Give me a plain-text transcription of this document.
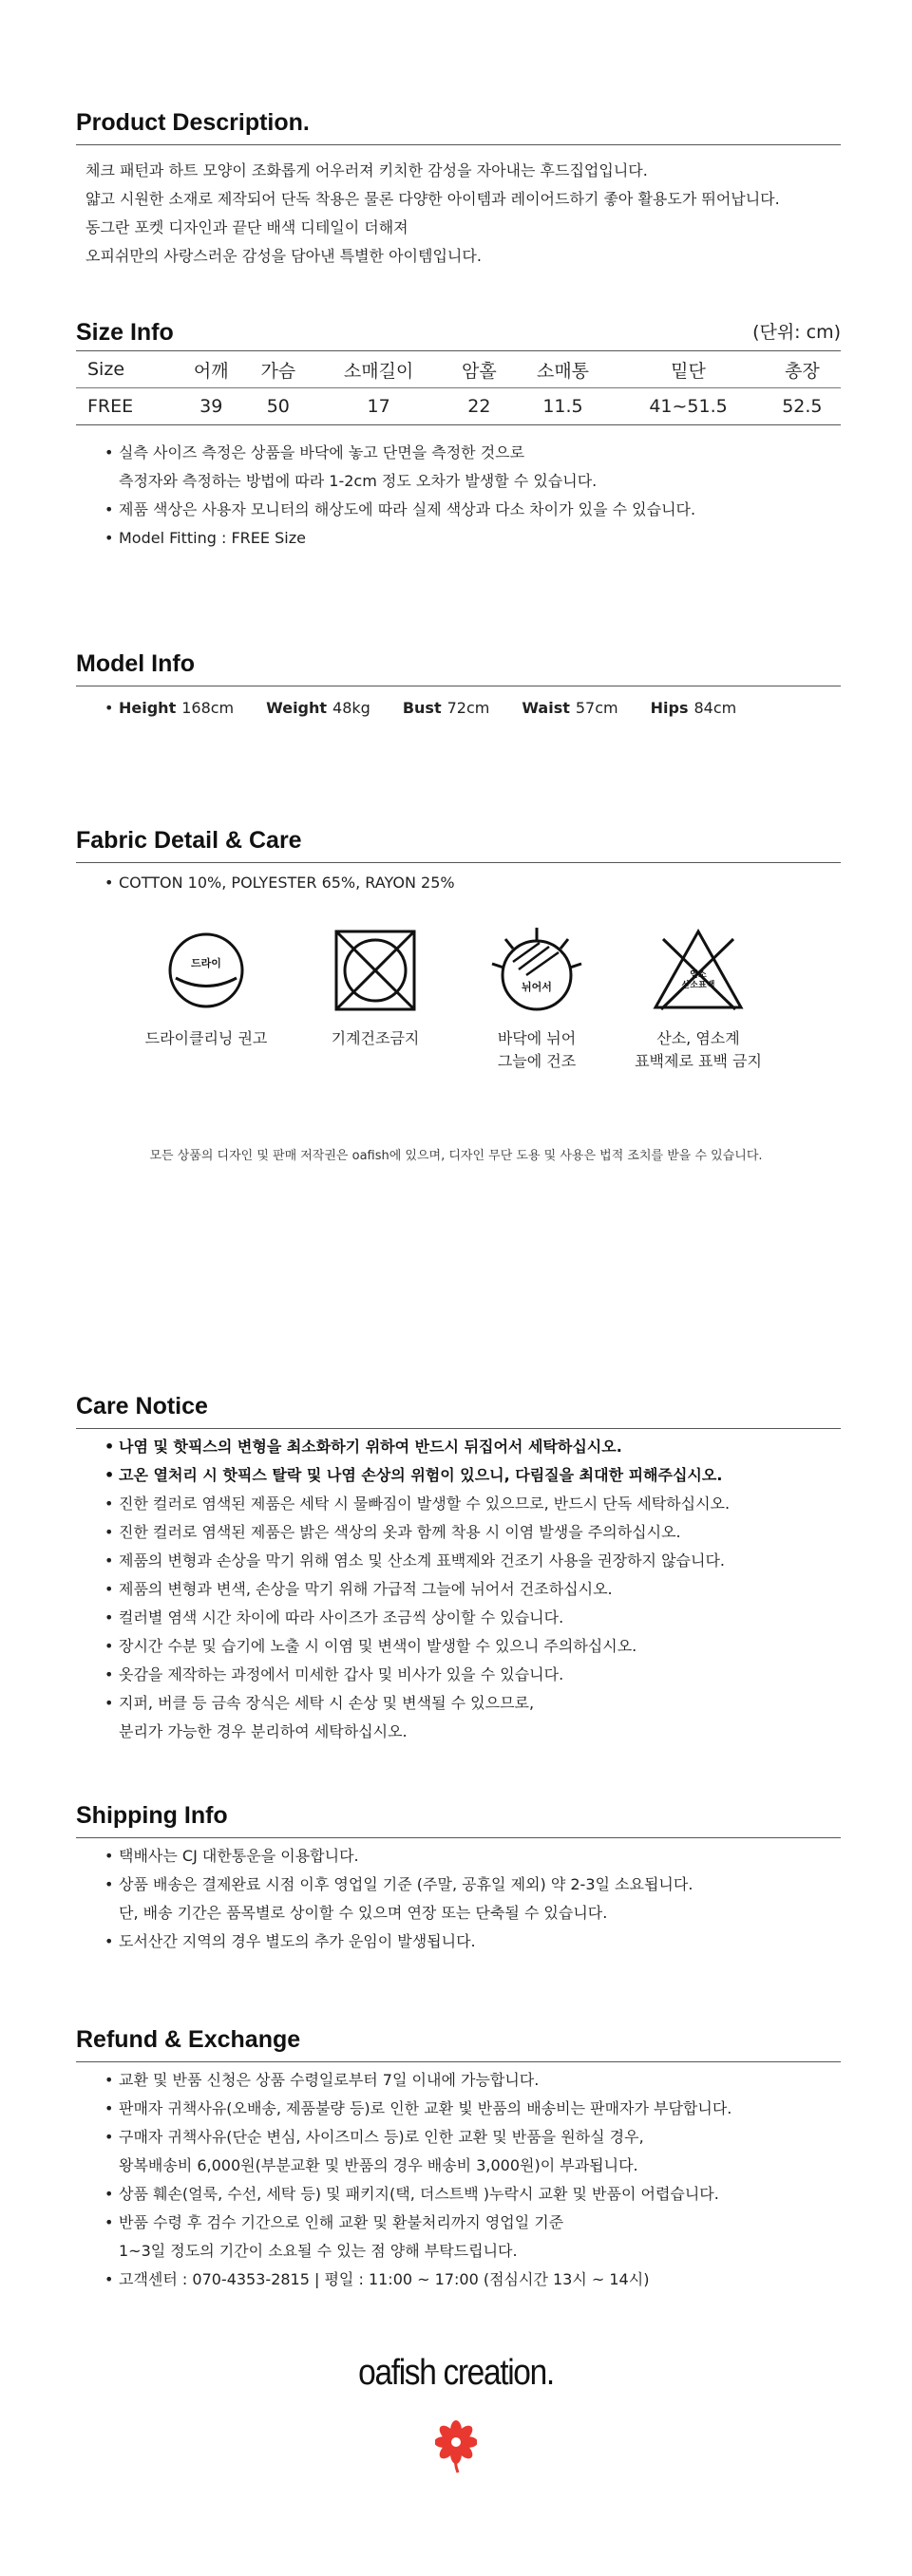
Product Description.
체크 패턴과 하트 모양이 조화롭게 어우러져 키치한 감성을 자아내는 후드집업입니다.
얇고 시원한 소재로 제작되어 단독 착용은 물론 다양한 아이템과 레이어드하기 좋아 활용도가 뛰어납니다.
동그란 포켓 디자인과 끝단 배색 디테일이 더해져
오피쉬만의 사랑스러운 감성을 담아낸 특별한 아이템입니다.
Size Info	(단위: cm)
Size	어깨	가슴	소매길이	암홀	소매통	밑단	총장
FREE	39	50	17	22	11.5	41~51.5	52.5
• 실측 사이즈 측정은 상품을 바닥에 놓고 단면을 측정한 것으로
측정자와 측정하는 방법에 따라 1-2cm 정도 오차가 발생할 수 있습니다.
• 제품 색상은 사용자 모니터의 해상도에 따라 실제 색상과 다소 차이가 있을 수 있습니다.
• Model Fitting : FREE Size
Model Info
• Height 168cm Weight 48kg Bust 72cm Waist 57cm Hips 84cm
Fabric Detail & Care
• COTTON 10%, POLYESTER 65%, RAYON 25%
드라이
드라이클리닝 권고	기계건조금지
뉘어서
바닥에 뉘어
그늘에 건조
염소 산소표백
산소, 염소계
표백제로 표백 금지
모든 상품의 디자인 및 판매 저작권은 oafish에 있으며, 디자인 무단 도용 및 사용은 법적 조치를 받을 수 있습니다.
Care Notice
• 나염 및 핫픽스의 변형을 최소화하기 위하여 반드시 뒤집어서 세탁하십시오.
• 고온 열처리 시 핫픽스 탈락 및 나염 손상의 위험이 있으니, 다림질을 최대한 피해주십시오.
• 진한 컬러로 염색된 제품은 세탁 시 물빠짐이 발생할 수 있으므로, 반드시 단독 세탁하십시오.
• 진한 컬러로 염색된 제품은 밝은 색상의 옷과 함께 착용 시 이염 발생을 주의하십시오.
• 제품의 변형과 손상을 막기 위해 염소 및 산소계 표백제와 건조기 사용을 권장하지 않습니다.
• 제품의 변형과 변색, 손상을 막기 위해 가급적 그늘에 뉘어서 건조하십시오.
• 컬러별 염색 시간 차이에 따라 사이즈가 조금씩 상이할 수 있습니다.
• 장시간 수분 및 습기에 노출 시 이염 및 변색이 발생할 수 있으니 주의하십시오.
• 옷감을 제작하는 과정에서 미세한 갑사 및 비사가 있을 수 있습니다.
• 지퍼, 버클 등 금속 장식은 세탁 시 손상 및 변색될 수 있으므로,
분리가 가능한 경우 분리하여 세탁하십시오.
Shipping Info
• 택배사는 CJ 대한통운을 이용합니다.
• 상품 배송은 결제완료 시점 이후 영업일 기준 (주말, 공휴일 제외) 약 2-3일 소요됩니다.
단, 배송 기간은 품목별로 상이할 수 있으며 연장 또는 단축될 수 있습니다.
• 도서산간 지역의 경우 별도의 추가 운임이 발생됩니다.
Refund & Exchange
• 교환 및 반품 신청은 상품 수령일로부터 7일 이내에 가능합니다.
• 판매자 귀책사유(오배송, 제품불량 등)로 인한 교환 빛 반품의 배송비는 판매자가 부담합니다.
• 구매자 귀책사유(단순 변심, 사이즈미스 등)로 인한 교환 및 반품을 원하실 경우,
왕복배송비 6,000원(부분교환 및 반품의 경우 배송비 3,000원)이 부과됩니다.
• 상품 훼손(얼룩, 수선, 세탁 등) 및 패키지(택, 더스트백 )누락시 교환 및 반품이 어렵습니다.
• 반품 수령 후 검수 기간으로 인해 교환 및 환불처리까지 영업일 기준
1~3일 정도의 기간이 소요될 수 있는 점 양해 부탁드립니다.
• 고객센터 : 070-4353-2815 | 평일 : 11:00 ~ 17:00 (점심시간 13시 ~ 14시)
oafish creation.
